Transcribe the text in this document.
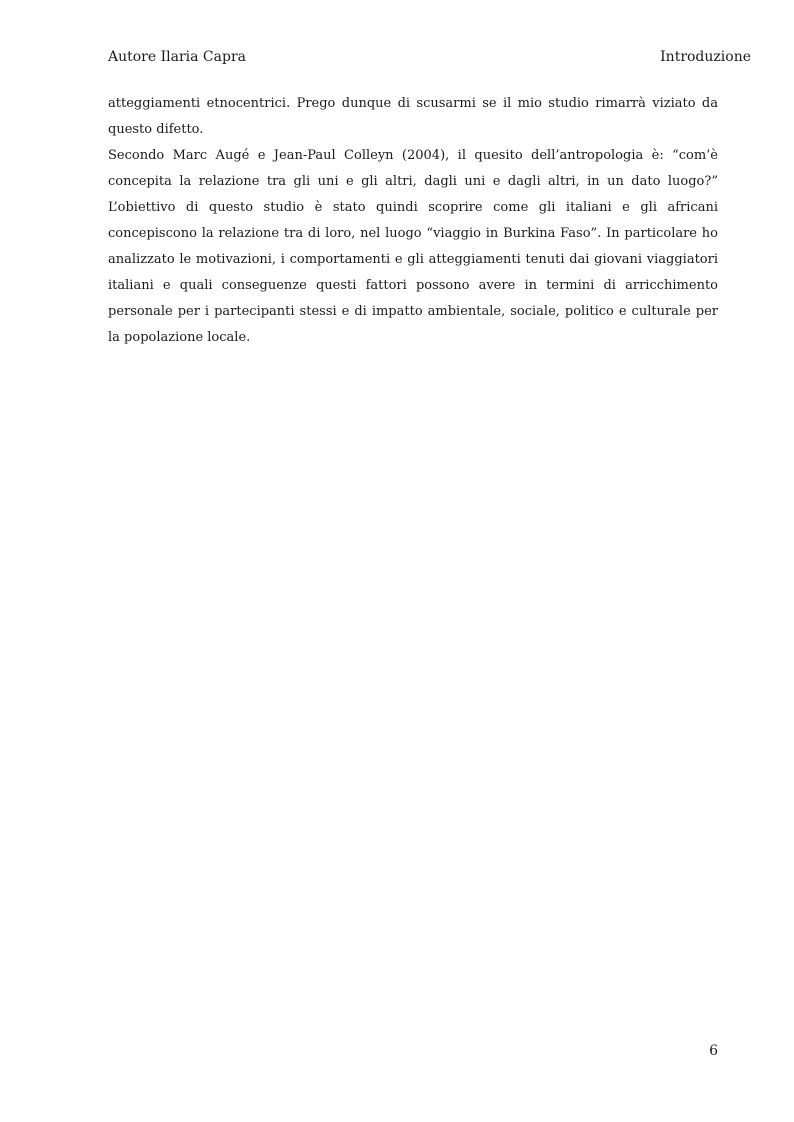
Autore Ilaria Capra	Introduzione

atteggiamenti etnocentrici. Prego dunque di scusarmi se il mio studio rimarrà viziato da questo difetto.

Secondo Marc Augé e Jean-Paul Colleyn (2004), il quesito dell’antropologia è: “com’è concepita la relazione tra gli uni e gli altri, dagli uni e dagli altri, in un dato luogo?” L’obiettivo di questo studio è stato quindi scoprire come gli italiani e gli africani concepiscono la relazione tra di loro, nel luogo “viaggio in Burkina Faso”. In particolare ho analizzato le motivazioni, i comportamenti e gli atteggiamenti tenuti dai giovani viaggiatori italiani e quali conseguenze questi fattori possono avere in termini di arricchimento personale per i partecipanti stessi e di impatto ambientale, sociale, politico e culturale per la popolazione locale.

6
